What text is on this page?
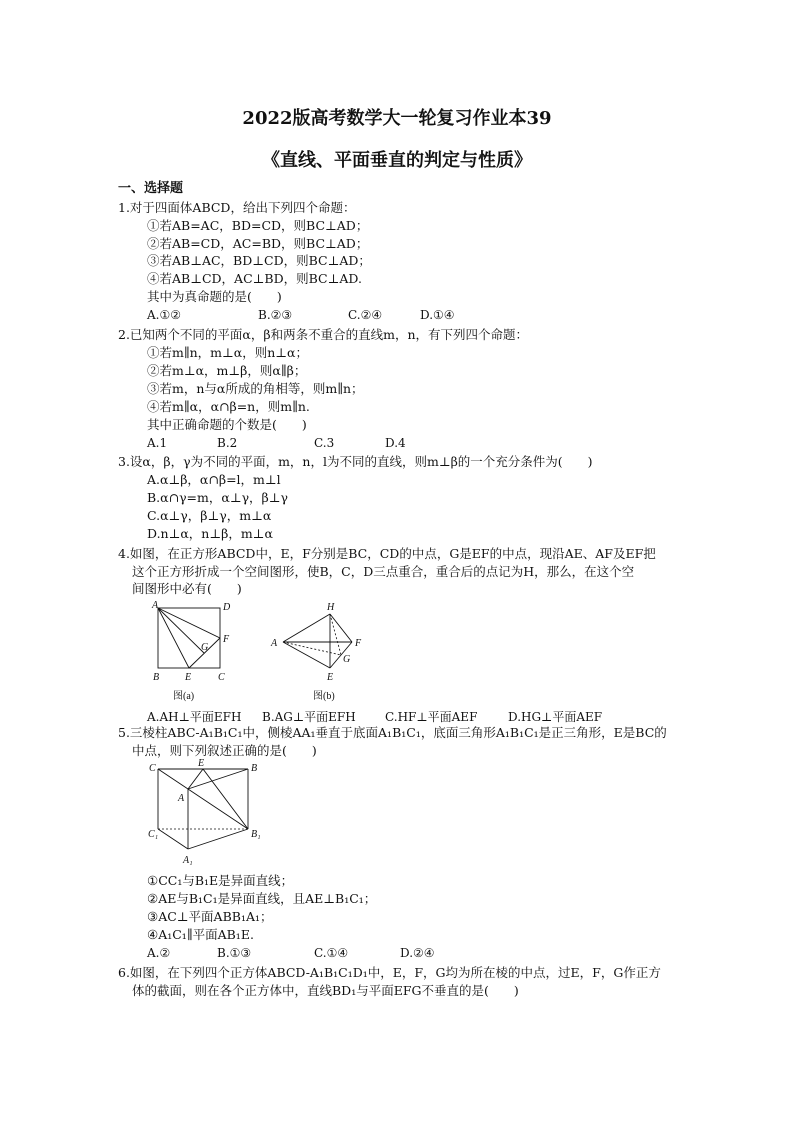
2022版高考数学大一轮复习作业本39
《直线、平面垂直的判定与性质》
一、选择题
1.对于四面体ABCD，给出下列四个命题：
①若AB=AC，BD=CD，则BC⊥AD；
②若AB=CD，AC=BD，则BC⊥AD；
③若AB⊥AC，BD⊥CD，则BC⊥AD；
④若AB⊥CD，AC⊥BD，则BC⊥AD.
其中为真命题的是(　　)
A.①②	B.②③	C.②④	D.①④
2.已知两个不同的平面α，β和两条不重合的直线m，n，有下列四个命题：
①若m∥n，m⊥α，则n⊥α；
②若m⊥α，m⊥β，则α∥β；
③若m，n与α所成的角相等，则m∥n；
④若m∥α，α∩β=n，则m∥n.
其中正确命题的个数是(　　)
A.1	B.2	C.3	D.4
3.设α，β，γ为不同的平面，m，n，l为不同的直线，则m⊥β的一个充分条件为(　　)
A.α⊥β，α∩β=l，m⊥l
B.α∩γ=m，α⊥γ，β⊥γ
C.α⊥γ，β⊥γ，m⊥α
D.n⊥α，n⊥β，m⊥α
4.如图，在正方形ABCD中，E，F分别是BC，CD的中点，G是EF的中点，现沿AE、AF及EF把
这个正方形折成一个空间图形，使B，C，D三点重合，重合后的点记为H，那么，在这个空
间图形中必有(　　)
A	D
F
G
B	E	C
图(a)
H
A	F
G
E
图(b)
A.AH⊥平面EFH B.AG⊥平面EFH C.HF⊥平面AEF	D.HG⊥平面AEF
5.三棱柱ABC-A₁B₁C₁中，侧棱AA₁垂直于底面A₁B₁C₁，底面三角形A₁B₁C₁是正三角形，E是BC的
中点，则下列叙述正确的是(　　)
C	E	B
A
C₁	B₁
A₁
①CC₁与B₁E是异面直线；
②AE与B₁C₁是异面直线，且AE⊥B₁C₁；
③AC⊥平面ABB₁A₁；
④A₁C₁∥平面AB₁E.
A.②	B.①③	C.①④	D.②④
6.如图，在下列四个正方体ABCD-A₁B₁C₁D₁中，E，F，G均为所在棱的中点，过E，F，G作正方
体的截面，则在各个正方体中，直线BD₁与平面EFG不垂直的是(　　)
